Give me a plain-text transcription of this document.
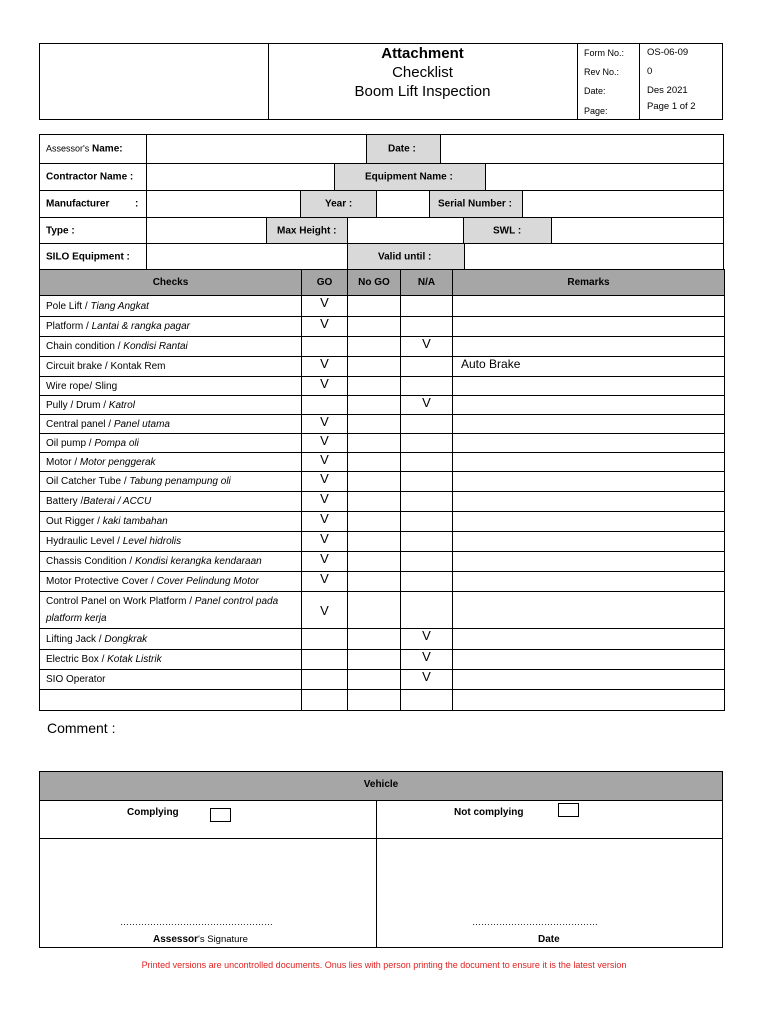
Attachment
Checklist
Boom Lift Inspection
Form No.: OS-06-09
Rev No.:	0
Date:	Des 2021
Page:	Page 1 of 2
Assessor's Name:	Date :
Contractor Name :	Equipment Name :
Manufacturer	:	Year :	Serial Number :
Type :	Max Height :	SWL :
SILO Equipment :	Valid until :
Checks	GO	No GO	N/A	Remarks
Pole Lift / Tiang Angkat	V			
Platform / Lantai & rangka pagar	V			
Chain condition / Kondisi Rantai			V	
Circuit brake / Kontak Rem	V			Auto Brake
Wire rope/ Sling	V			
Pully / Drum / Katrol			V	
Central panel / Panel utama	V			
Oil pump / Pompa oli	V			
Motor / Motor penggerak	V			
Oil Catcher Tube / Tabung penampung oli	V			
Battery /Baterai / ACCU	V			
Out Rigger / kaki tambahan	V			
Hydraulic Level / Level hidrolis	V			
Chassis Condition / Kondisi kerangka kendaraan	V			
Motor Protective Cover / Cover Pelindung Motor	V			
Control Panel on Work Platform / Panel control pada platform kerja	V			
Lifting Jack / Dongkrak			V	
Electric Box / Kotak Listrik			V	
SIO Operator			V	

Comment :
Vehicle
Complying	Not complying
……………………………………………	……………………………………
Assessor's Signature	Date
Printed versions are uncontrolled documents. Onus lies with person printing the document to ensure it is the latest version
